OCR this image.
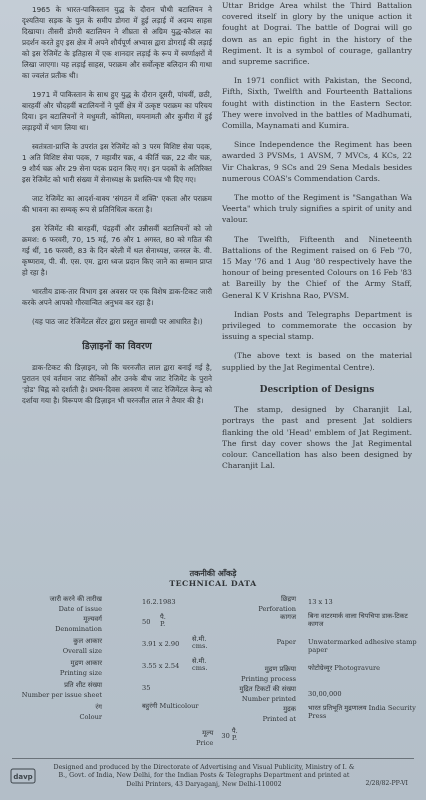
1965 के भारत-पाकिस्तान युद्ध के दौरान चौथी बटालियन ने दृश्यतिया सड़क के पुल के समीप डोगरा में हुई लड़ाई में अदम्य साहस दिखाया। तीसरी डोगरी बटालियन ने शीघ्रता से अग्रिम युद्ध-कौशल का प्रदर्शन करते हुए इस क्षेत्र में अपने शौर्यपूर्ण अभ्यास द्वारा डोगराई की लड़ाई को इस रेजिमेंट के इतिहास में एक शानदार लड़ाई के रूप में स्वर्णाक्षरों में लिखा जाएगा। यह लड़ाई साहस, पराक्रम और सर्वोत्कृष्ट बलिदान की गाथा का ज्वलंत प्रतीक थी।

1971 में पाकिस्तान के साथ हुए युद्ध के दौरान दूसरी, पांचवीं, छठी, बारहवीं और चौदहवीं बटालियनों ने पूर्वी क्षेत्र में उत्कृष्ट पराक्रम का परिचय दिया। इन बटालियनों ने मधुमती, कोमिला, मयनामती और कुमीरा में हुई लड़ाइयों में भाग लिया था।

स्वतंत्रता-प्राप्ति के उपरांत इस रेजिमेंट को 3 परम विशिष्ट सेवा पदक, 1 अति विशिष्ट सेवा पदक, 7 महावीर चक्र, 4 कीर्ति चक्र, 22 वीर चक्र, 9 शौर्य चक्र और 29 सेना पदक प्रदान किए गए। इन पदकों के अतिरिक्त इस रेजिमेंट को भारी संख्या में सेनाध्यक्ष के प्रशस्ति-पत्र भी दिए गए।

जाट रेजिमेंट का आदर्श-वाक्य 'संगठन में शक्ति' एकता और पराक्रम की भावना का सम्यक् रूप से प्रतिनिधित्व करता है।

इस रेजिमेंट की बारहवीं, पंद्रहवीं और उन्नीसवीं बटालियनों को जो क्रमश: 6 फरवरी, 70, 15 मई, 76 और 1 अगस्त, 80 को गठित की गई थीं, 16 फरवरी, 83 के दिन बरेली में थल सेनाध्यक्ष, जनरल के. वी. कृष्णराव, पी. वी. एस. एम. द्वारा ध्वज प्रदान किए जाने का सम्मान प्राप्त हो रहा है।

भारतीय डाक-तार विभाग इस अवसर पर एक विशेष डाक-टिकट जारी करके अपने आपको गौरवान्वित अनुभव कर रहा है।

(यह पाठ जाट रेजिमेंटल सेंटर द्वारा प्रस्तुत सामग्री पर आधारित है।)

डिज़ाइनों का विवरण

डाक-टिकट की डिज़ाइन, जो कि चरनजीत लाल द्वारा बनाई गई है, पुरातन एवं वर्तमान जाट सैनिकों और उनके बीच जाट रेजिमेंट के पुराने 'होड' चिह्न को दर्शाती है। प्रथम-दिवस आवरण में जाट रेजिमेंटल केन्द्र को दर्शाया गया है। विरूपण की डिज़ाइन भी चरनजीत लाल ने तैयार की है।

Uttar Bridge Area whilst the Third Battalion covered itself in glory by the unique action it fought at Dograi. The battle of Dograi will go down as an epic fight in the history of the Regiment. It is a symbol of courage, gallantry and supreme sacrifice.

In 1971 conflict with Pakistan, the Second, Fifth, Sixth, Twelfth and Fourteenth Battalions fought with distinction in the Eastern Sector. They were involved in the battles of Madhumati, Comilla, Maynamati and Kumira.

Since Independence the Regiment has been awarded 3 PVSMs, 1 AVSM, 7 MVCs, 4 KCs, 22 Vir Chakras, 9 SCs and 29 Sena Medals besides numerous COAS's Commendation Cards.

The motto of the Regiment is "Sangathan Wa Veerta" which truly signifies a spirit of unity and valour.

The Twelfth, Fifteenth and Nineteenth Battalions of the Regiment raised on 6 Feb '70, 15 May '76 and 1 Aug '80 respectively have the honour of being presented Colours on 16 Feb '83 at Bareilly by the Chief of the Army Staff, General K V Krishna Rao, PVSM.

Indian Posts and Telegraphs Department is privileged to commemorate the occasion by issuing a special stamp.

(The above text is based on the material supplied by the Jat Regimental Centre).

Description of Designs

The stamp, designed by Charanjit Lal, portrays the past and present Jat soldiers flanking the old 'Head' emblem of Jat Regiment. The first day cover shows the Jat Regimental colour. Cancellation has also been designed by Charanjit Lal.

तकनीकी आँकड़े
TECHNICAL DATA
जारी करने की तारीख
Date of issue
16.2.1983
मूल्यवर्ग
Denomination
50
पै. P.
कुल आकार
Overall size
3.91 x 2.90
से.मी. cms.
मुद्रण आकार
Printing size
3.55 x 2.54
से.मी. cms.
प्रति शीट संख्या
Number per issue sheet
35
रंग
Colour
बहुरंगी Multicolour
छिद्रण
Perforation
13 x 13
कागज बिना वाटरमार्क वाला चिपचिपा डाक-टिकट कागज
Paper Unwatermarked adhesive stamp paper
मुद्रण प्रक्रिया
Printing process
फोटोग्रेव्यूर Photogravure
मुद्रित टिकटों की संख्या
Number printed
30,00,000
मुद्रक
Printed at
भारत प्रतिभूति मुद्रणालय India Security Press
मूल्य
Price
30 पै. P.
davp
Designed and produced by the Directorate of Advertising and Visual Publicity, Ministry of I. & B., Govt. of India, New Delhi, for the Indian Posts & Telegraphs Department and printed at Delhi Printers, 43 Daryaganj, New Delhi-110002	2/28/82-PP-VI
